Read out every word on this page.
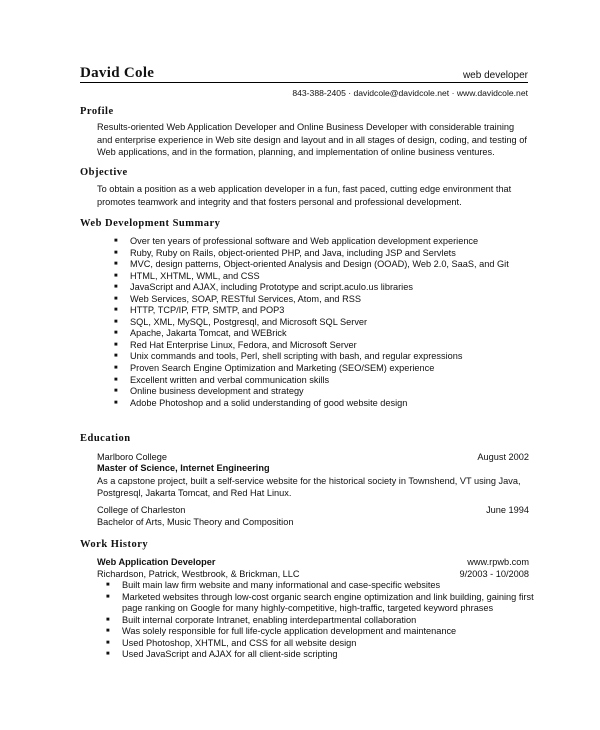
David Cole	web developer
843-388-2405 · davidcole@davidcole.net · www.davidcole.net
Profile
Results-oriented Web Application Developer and Online Business Developer with considerable training and enterprise experience in Web site design and layout and in all stages of design, coding, and testing of Web applications, and in the formation, planning, and implementation of online business ventures.
Objective
To obtain a position as a web application developer in a fun, fast paced, cutting edge environment that promotes teamwork and integrity and that fosters personal and professional development.
Web Development Summary
■ Over ten years of professional software and Web application development experience
■ Ruby, Ruby on Rails, object-oriented PHP, and Java, including JSP and Servlets
■ MVC, design patterns, Object-oriented Analysis and Design (OOAD), Web 2.0, SaaS, and Git
■ HTML, XHTML, WML, and CSS
■ JavaScript and AJAX, including Prototype and script.aculo.us libraries
■ Web Services, SOAP, RESTful Services, Atom, and RSS
■ HTTP, TCP/IP, FTP, SMTP, and POP3
■ SQL, XML, MySQL, Postgresql, and Microsoft SQL Server
■ Apache, Jakarta Tomcat, and WEBrick
■ Red Hat Enterprise Linux, Fedora, and Microsoft Server
■ Unix commands and tools, Perl, shell scripting with bash, and regular expressions
■ Proven Search Engine Optimization and Marketing (SEO/SEM) experience
■ Excellent written and verbal communication skills
■ Online business development and strategy
■ Adobe Photoshop and a solid understanding of good website design
Education
Marlboro College	August 2002
Master of Science, Internet Engineering
As a capstone project, built a self-service website for the historical society in Townshend, VT using Java,
Postgresql, Jakarta Tomcat, and Red Hat Linux.
College of Charleston	June 1994
Bachelor of Arts, Music Theory and Composition
Work History
Web Application Developer	www.rpwb.com
Richardson, Patrick, Westbrook, & Brickman, LLC	9/2003 - 10/2008
■ Built main law firm website and many informational and case-specific websites
■ Marketed websites through low-cost organic search engine optimization and link building, gaining first
page ranking on Google for many highly-competitive, high-traffic, targeted keyword phrases
■ Built internal corporate Intranet, enabling interdepartmental collaboration
■ Was solely responsible for full life-cycle application development and maintenance
■ Used Photoshop, XHTML, and CSS for all website design
■ Used JavaScript and AJAX for all client-side scripting
